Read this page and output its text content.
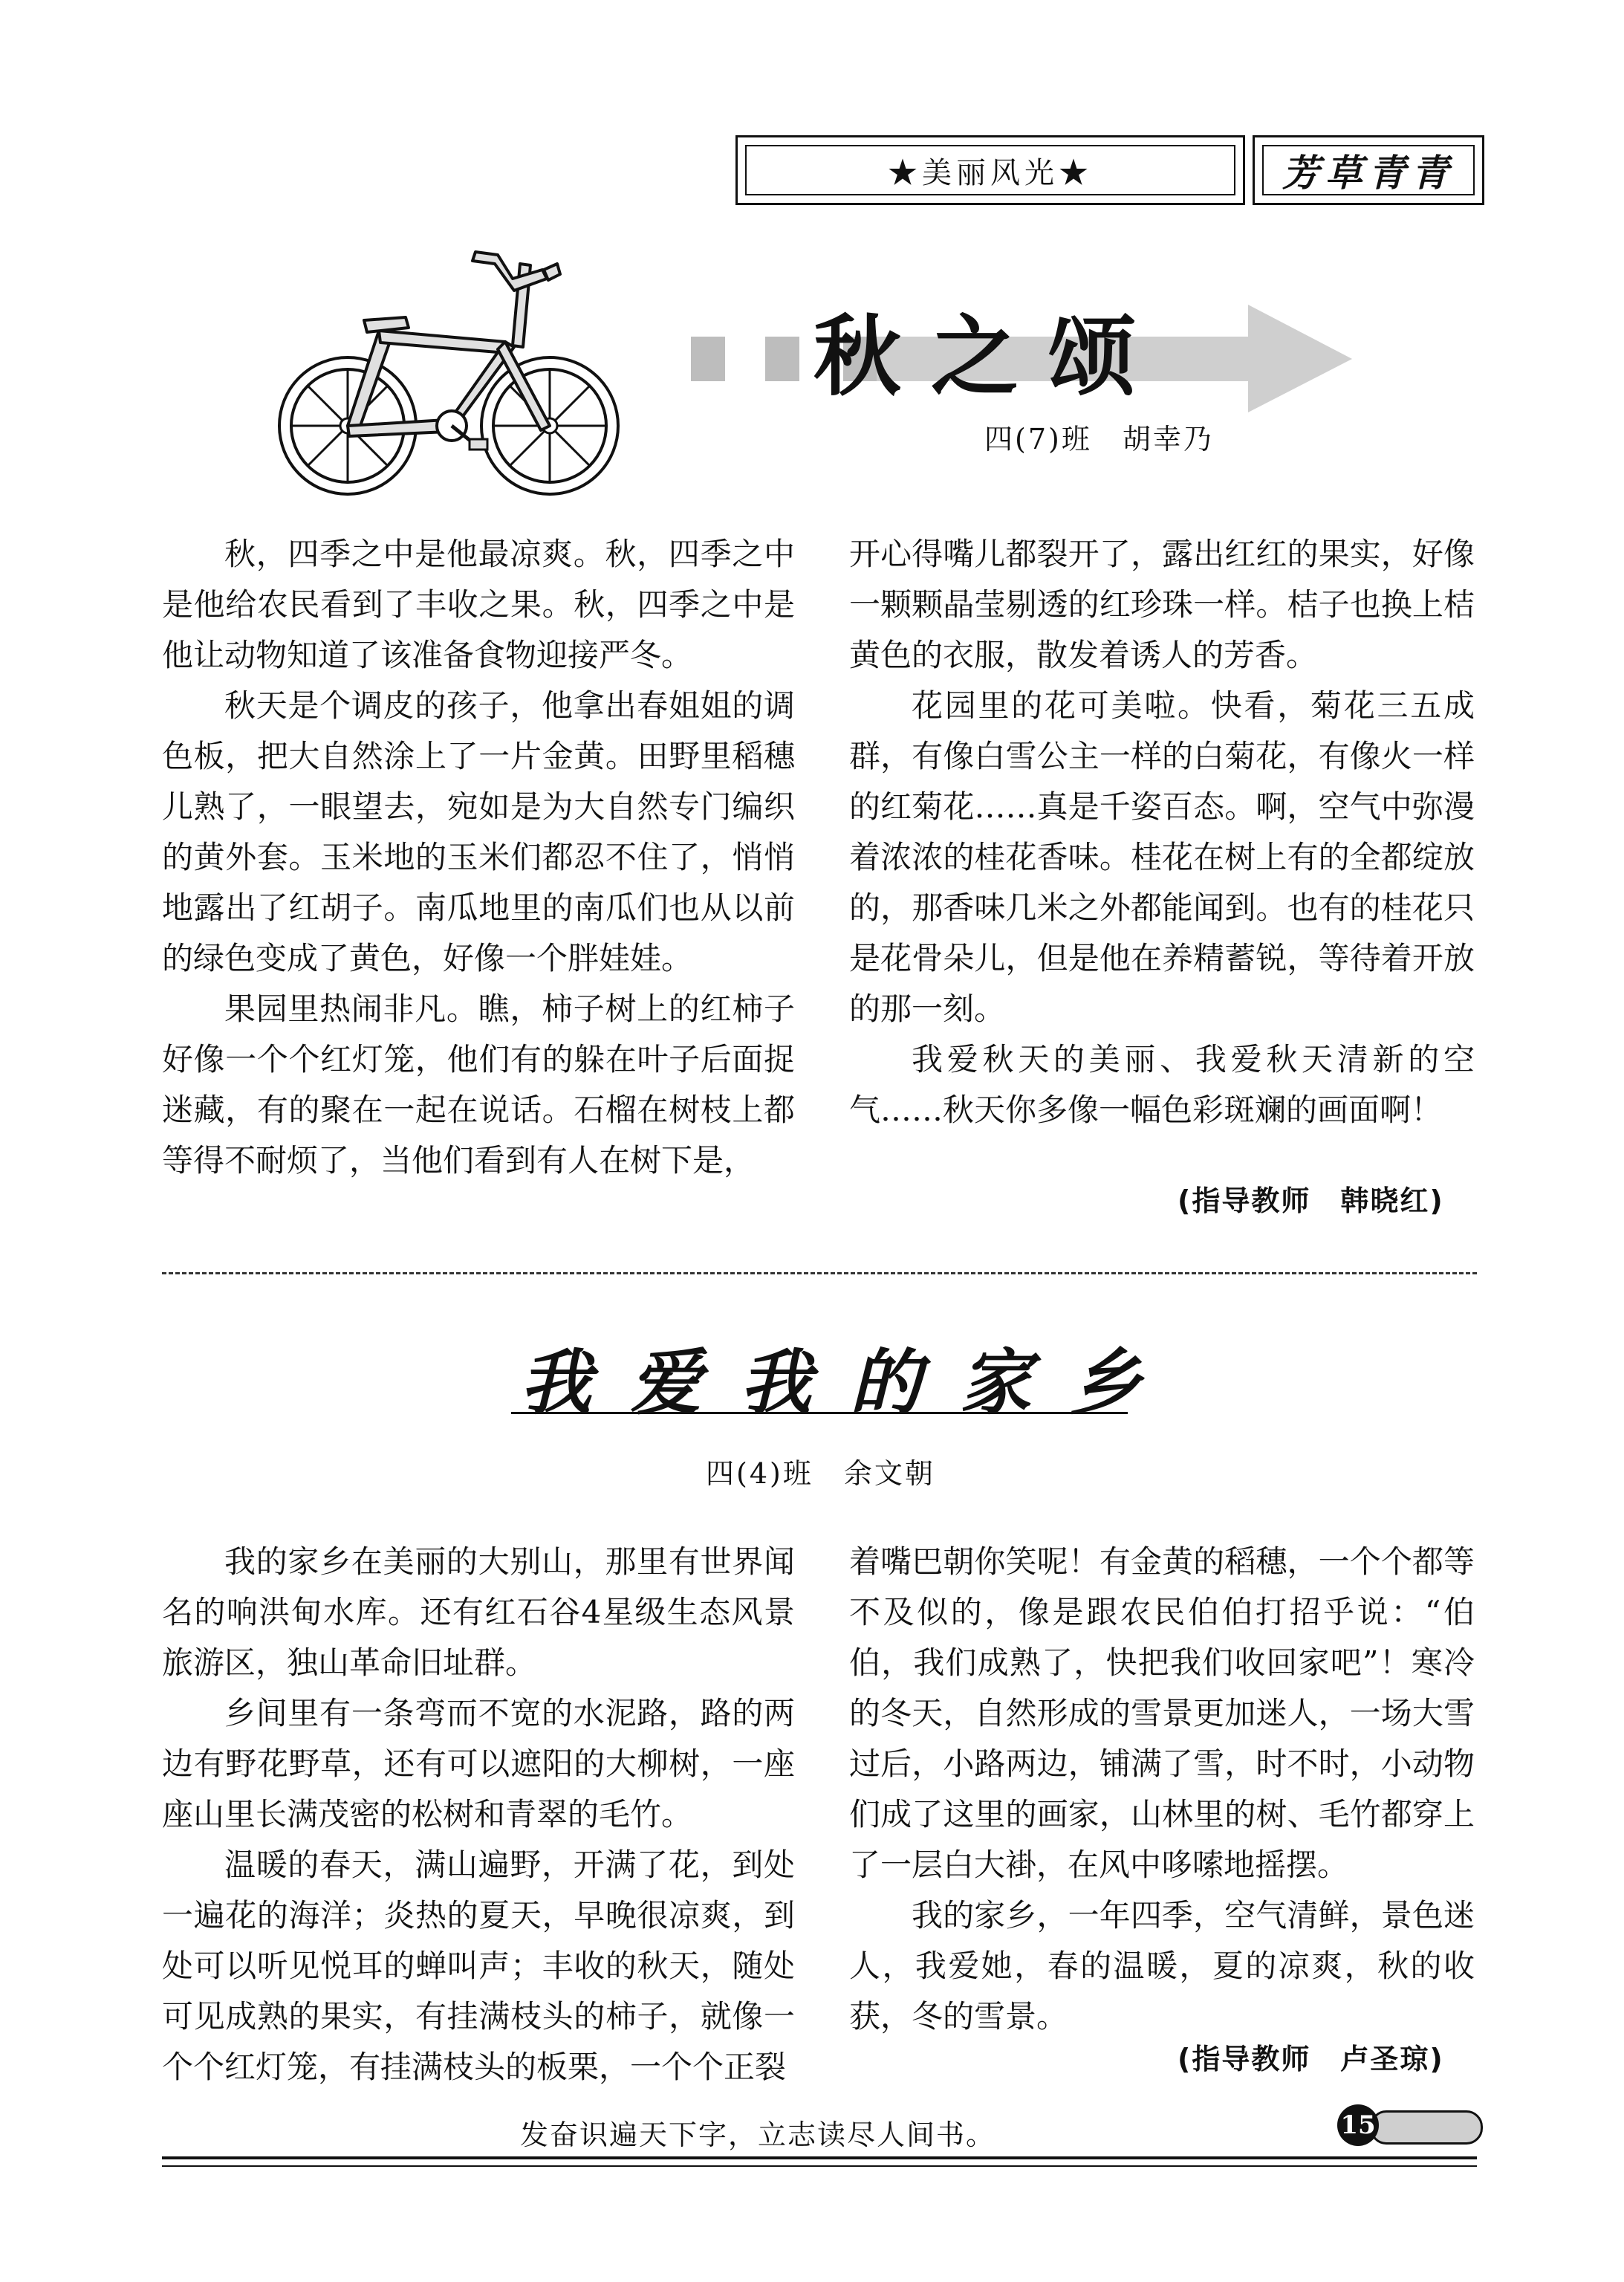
★美丽风光★	芳草青青
秋之颂
四(7)班　胡幸乃

秋，四季之中是他最凉爽。秋，四季之中是他给农民看到了丰收之果。秋，四季之中是他让动物知道了该准备食物迎接严冬。

秋天是个调皮的孩子，他拿出春姐姐的调色板，把大自然涂上了一片金黄。田野里稻穗儿熟了，一眼望去，宛如是为大自然专门编织的黄外套。玉米地的玉米们都忍不住了，悄悄地露出了红胡子。南瓜地里的南瓜们也从以前的绿色变成了黄色，好像一个胖娃娃。

果园里热闹非凡。瞧，柿子树上的红柿子好像一个个红灯笼，他们有的躲在叶子后面捉迷藏，有的聚在一起在说话。石榴在树枝上都等得不耐烦了，当他们看到有人在树下是，

开心得嘴儿都裂开了，露出红红的果实，好像一颗颗晶莹剔透的红珍珠一样。桔子也换上桔黄色的衣服，散发着诱人的芳香。

花园里的花可美啦。快看，菊花三五成群，有像白雪公主一样的白菊花，有像火一样的红菊花……真是千姿百态。啊，空气中弥漫着浓浓的桂花香味。桂花在树上有的全都绽放的，那香味几米之外都能闻到。也有的桂花只是花骨朵儿，但是他在养精蓄锐，等待着开放的那一刻。

我爱秋天的美丽、我爱秋天清新的空气……秋天你多像一幅色彩斑斓的画面啊！

(指导教师　韩晓红)
我爱我的家乡
四(4)班　余文朝

我的家乡在美丽的大别山，那里有世界闻名的响洪甸水库。还有红石谷4星级生态风景旅游区，独山革命旧址群。

乡间里有一条弯而不宽的水泥路，路的两边有野花野草，还有可以遮阳的大柳树，一座座山里长满茂密的松树和青翠的毛竹。

温暖的春天，满山遍野，开满了花，到处一遍花的海洋；炎热的夏天，早晚很凉爽，到处可以听见悦耳的蝉叫声；丰收的秋天，随处可见成熟的果实，有挂满枝头的柿子，就像一个个红灯笼，有挂满枝头的板栗，一个个正裂

着嘴巴朝你笑呢！有金黄的稻穗，一个个都等不及似的，像是跟农民伯伯打招乎说：“伯伯，我们成熟了，快把我们收回家吧”！寒冷的冬天，自然形成的雪景更加迷人，一场大雪过后，小路两边，铺满了雪，时不时，小动物们成了这里的画家，山林里的树、毛竹都穿上了一层白大褂，在风中哆嗦地摇摆。

我的家乡，一年四季，空气清鲜，景色迷人，我爱她，春的温暖，夏的凉爽，秋的收获，冬的雪景。

(指导教师　卢圣琼)
发奋识遍天下字，立志读尽人间书。	15
